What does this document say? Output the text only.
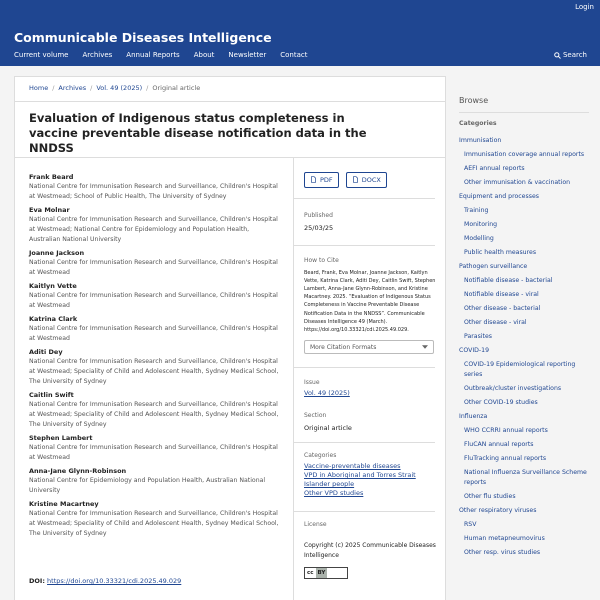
Login
Communicable Diseases Intelligence
Current volume Archives Annual Reports About Newsletter Contact	Search
Home / Archives / Vol. 49 (2025) / Original article
Evaluation of Indigenous status completeness in vaccine preventable disease notification data in the NNDSS
Frank Beard
National Centre for Immunisation Research and Surveillance, Children's Hospital at Westmead; School of Public Health, The University of Sydney
Eva Molnar
National Centre for Immunisation Research and Surveillance, Children's Hospital at Westmead; National Centre for Epidemiology and Population Health, Australian National University
Joanne Jackson
National Centre for Immunisation Research and Surveillance, Children's Hospital at Westmead
Kaitlyn Vette
National Centre for Immunisation Research and Surveillance, Children's Hospital at Westmead
Katrina Clark
National Centre for Immunisation Research and Surveillance, Children's Hospital at Westmead
Aditi Dey
National Centre for Immunisation Research and Surveillance, Children's Hospital at Westmead; Speciality of Child and Adolescent Health, Sydney Medical School, The University of Sydney
Caitlin Swift
National Centre for Immunisation Research and Surveillance, Children's Hospital at Westmead; Speciality of Child and Adolescent Health, Sydney Medical School, The University of Sydney
Stephen Lambert
National Centre for Immunisation Research and Surveillance, Children's Hospital at Westmead
Anna-Jane Glynn-Robinson
National Centre for Epidemiology and Population Health, Australian National University
Kristine Macartney
National Centre for Immunisation Research and Surveillance, Children's Hospital at Westmead; Speciality of Child and Adolescent Health, Sydney Medical School, The University of Sydney
DOI: https://doi.org/10.33321/cdi.2025.49.029
PDF
	DOCX
Published
25/03/25
How to Cite
Beard, Frank, Eva Molnar, Joanne Jackson, Kaitlyn Vette, Katrina Clark, Aditi Dey, Caitlin Swift, Stephen Lambert, Anna-Jane Glynn-Robinson, and Kristine Macartney. 2025. “Evaluation of Indigenous Status Completeness in Vaccine Preventable Disease Notification Data in the NNDSS”. Communicable Diseases Intelligence 49 (March). https://doi.org/10.33321/cdi.2025.49.029.
More Citation Formats
Issue
Vol. 49 (2025)
Section
Original article
Categories
Vaccine-preventable diseases
VPD in Aboriginal and Torres Strait Islander people
Other VPD studies
License
Copyright (c) 2025 Communicable Diseases Intelligence
cc BY
Browse
Categories
Immunisation
Immunisation coverage annual reports
AEFI annual reports
Other immunisation & vaccination
Equipment and processes
Training
Monitoring
Modelling
Public health measures
Pathogen surveillance
Notifiable disease - bacterial
Notifiable disease - viral
Other disease - bacterial
Other disease - viral
Parasites
COVID-19
COVID-19 Epidemiological reporting series
Outbreak/cluster investigations
Other COVID-19 studies
Influenza
WHO CCRRI annual reports
FluCAN annual reports
FluTracking annual reports
National Influenza Surveillance Scheme reports
Other flu studies
Other respiratory viruses
RSV
Human metapneumovirus
Other resp. virus studies
